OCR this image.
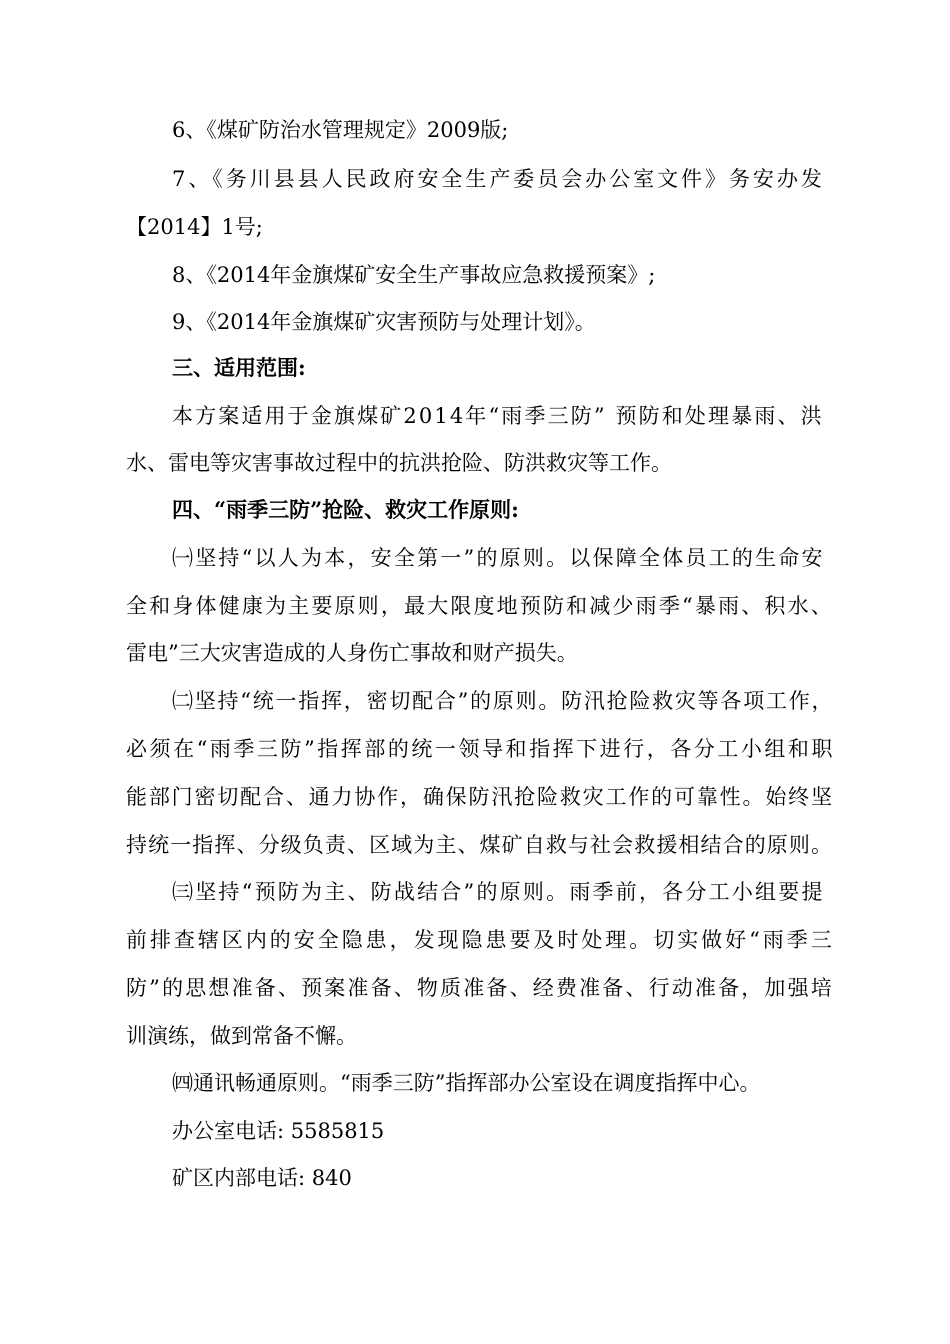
6、《煤矿防治水管理规定》2009版;

7、《务川县县人民政府安全生产委员会办公室文件》务安办发

【2014】1号;

8、《2014年金旗煤矿安全生产事故应急救援预案》;

9、《2014年金旗煤矿灾害预防与处理计划》。

三、适用范围:

本方案适用于金旗煤矿2014年“雨季三防” 预防和处理暴雨、洪

水、雷电等灾害事故过程中的抗洪抢险、防洪救灾等工作。

四、“雨季三防”抢险、救灾工作原则:

㈠坚持“以人为本，安全第一”的原则。以保障全体员工的生命安

全和身体健康为主要原则，最大限度地预防和减少雨季“暴雨、积水、

雷电”三大灾害造成的人身伤亡事故和财产损失。

㈡坚持“统一指挥，密切配合”的原则。防汛抢险救灾等各项工作，

必须在“雨季三防”指挥部的统一领导和指挥下进行，各分工小组和职

能部门密切配合、通力协作，确保防汛抢险救灾工作的可靠性。始终坚

持统一指挥、分级负责、区域为主、煤矿自救与社会救援相结合的原则。

㈢坚持“预防为主、防战结合”的原则。雨季前，各分工小组要提

前排查辖区内的安全隐患，发现隐患要及时处理。切实做好“雨季三

防”的思想准备、预案准备、物质准备、经费准备、行动准备，加强培

训演练，做到常备不懈。

㈣通讯畅通原则。“雨季三防”指挥部办公室设在调度指挥中心。

办公室电话: 5585815

矿区内部电话: 840
